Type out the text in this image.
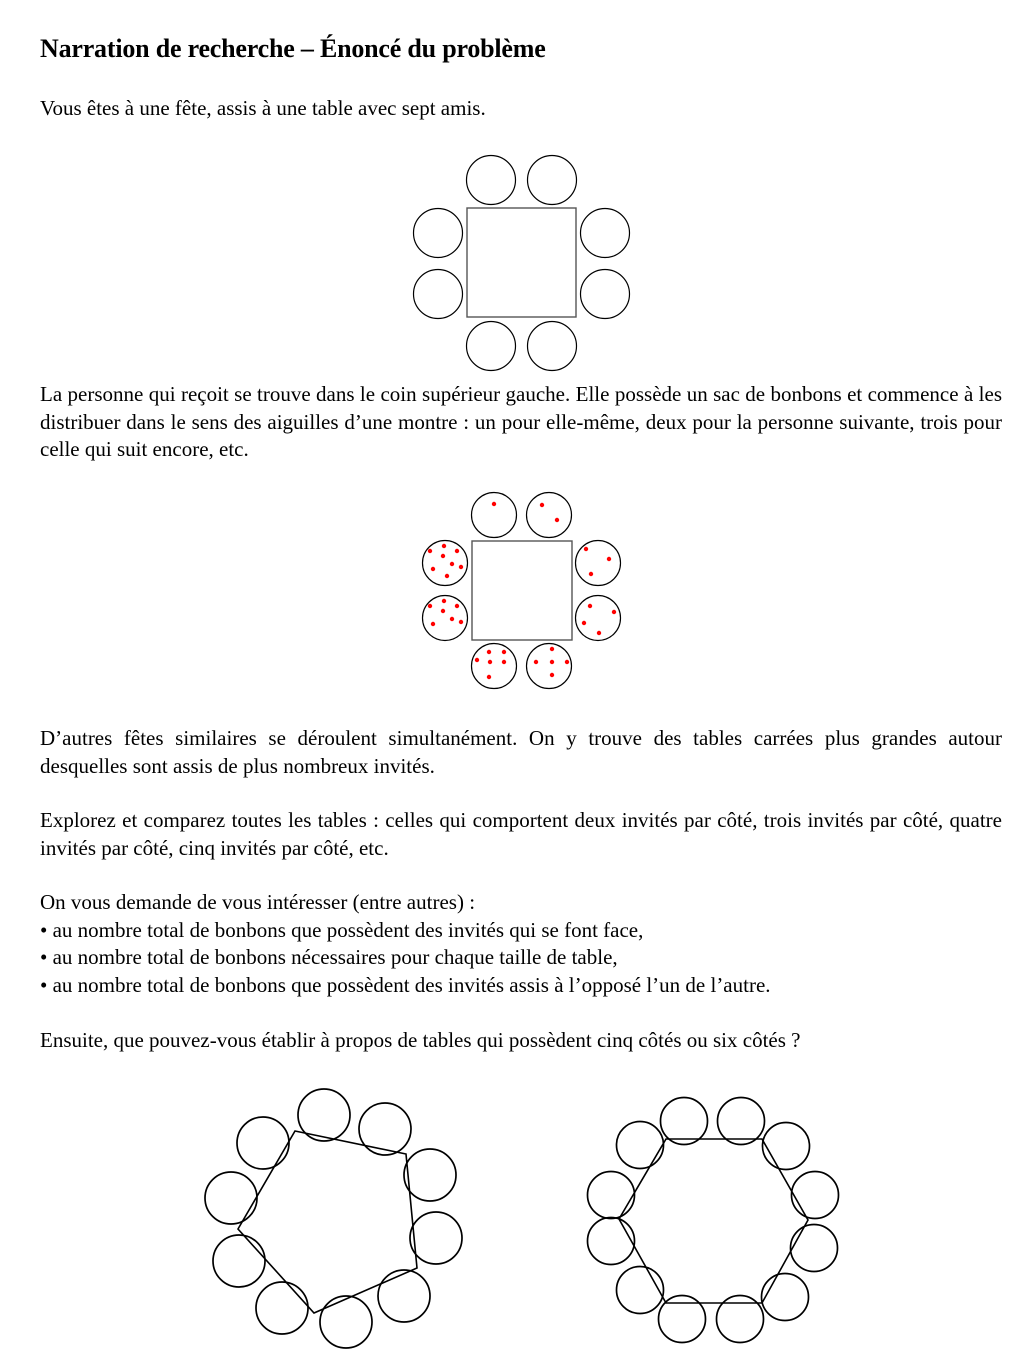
Narration de recherche – Énoncé du problème

Vous êtes à une fête, assis à une table avec sept amis.

La personne qui reçoit se trouve dans le coin supérieur gauche. Elle possède un sac de bonbons et commence à les distribuer dans le sens des aiguilles d’une montre : un pour elle-même, deux pour la personne suivante, trois pour celle qui suit encore, etc.

D’autres fêtes similaires se déroulent simultanément. On y trouve des tables carrées plus grandes autour desquelles sont assis de plus nombreux invités.

Explorez et comparez toutes les tables : celles qui comportent deux invités par côté, trois invités par côté, quatre invités par côté, cinq invités par côté, etc.

On vous demande de vous intéresser (entre autres) :
• au nombre total de bonbons que possèdent des invités qui se font face,
• au nombre total de bonbons nécessaires pour chaque taille de table,
• au nombre total de bonbons que possèdent des invités assis à l’opposé l’un de l’autre.

Ensuite, que pouvez-vous établir à propos de tables qui possèdent cinq côtés ou six côtés ?
